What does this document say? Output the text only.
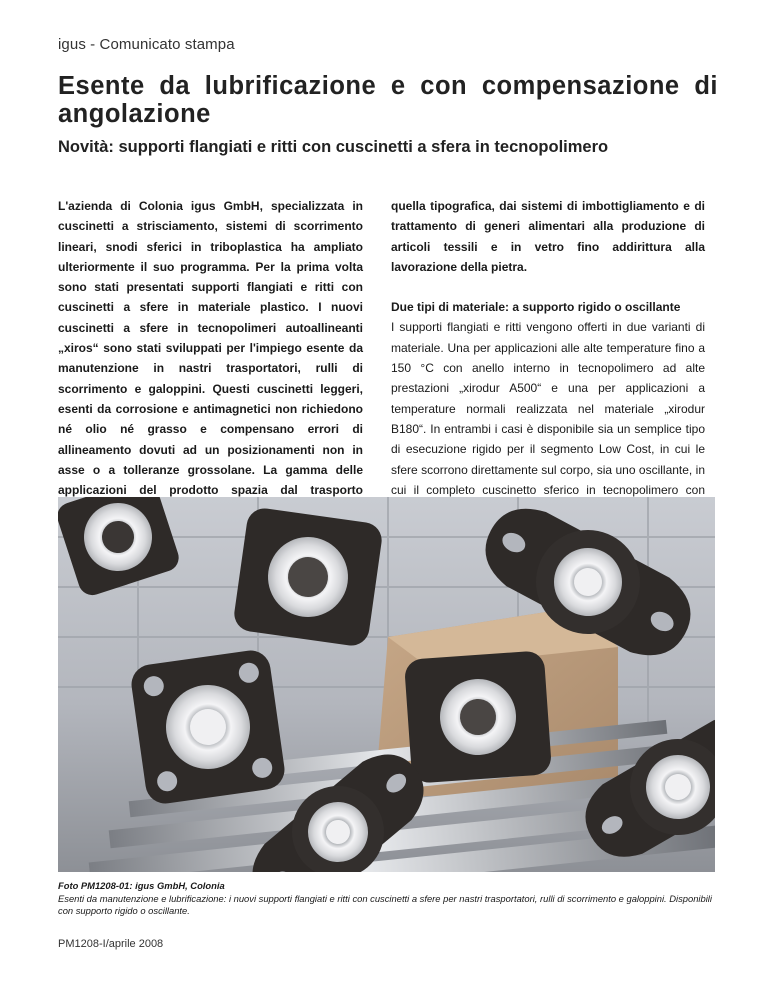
igus - Comunicato stampa
Esente da lubrificazione e con compensazione di angolazione
Novità: supporti flangiati e ritti con cuscinetti a sfera in tecnopolimero

L'azienda di Colonia igus GmbH, specializzata in cuscinetti a strisciamento, sistemi di scorrimento lineari, snodi sferici in triboplastica ha ampliato ulteriormente il suo programma. Per la prima volta sono stati presentati supporti flangiati e ritti con cuscinetti a sfere in materiale plastico. I nuovi cuscinetti a sfere in tecnopolimeri autoallineanti „xiros“ sono stati sviluppati per l'impiego esente da manutenzione in nastri trasportatori, rulli di scorrimento e galoppini. Questi cuscinetti leggeri, esenti da corrosione e antimagnetici non richiedono né olio né grasso e compensano errori di allineamento dovuti ad un posizionamenti non in asse o a tolleranze grossolane. La gamma delle applicazioni del prodotto spazia dal trasporto

quella tipografica, dai sistemi di imbottigliamento e di trattamento di generi alimentari alla produzione di articoli tessili e in vetro fino addirittura alla lavorazione della pietra.

Due tipi di materiale: a supporto rigido o oscillante

I supporti flangiati e ritti vengono offerti in due varianti di materiale. Una per applicazioni alle alte temperature fino a 150 °C con anello interno in tecnopolimero ad alte prestazioni „xirodur A500“ e una per applicazioni a temperature normali realizzata nel materiale „xirodur B180“. In entrambi i casi è disponibile sia un semplice tipo di esecuzione rigido per il segmento Low Cost, in cui le sfere scorrono direttamente sul corpo, sia uno oscillante, in cui il completo cuscinetto sferico in tecnopolimero con

Foto PM1208-01: igus GmbH, Colonia
Esenti da manutenzione e lubrificazione: i nuovi supporti flangiati e ritti con cuscinetti a sfere per nastri trasportatori, rulli di scorrimento e galoppini. Disponibili con supporto rigido o oscillante.
PM1208-I/aprile 2008
